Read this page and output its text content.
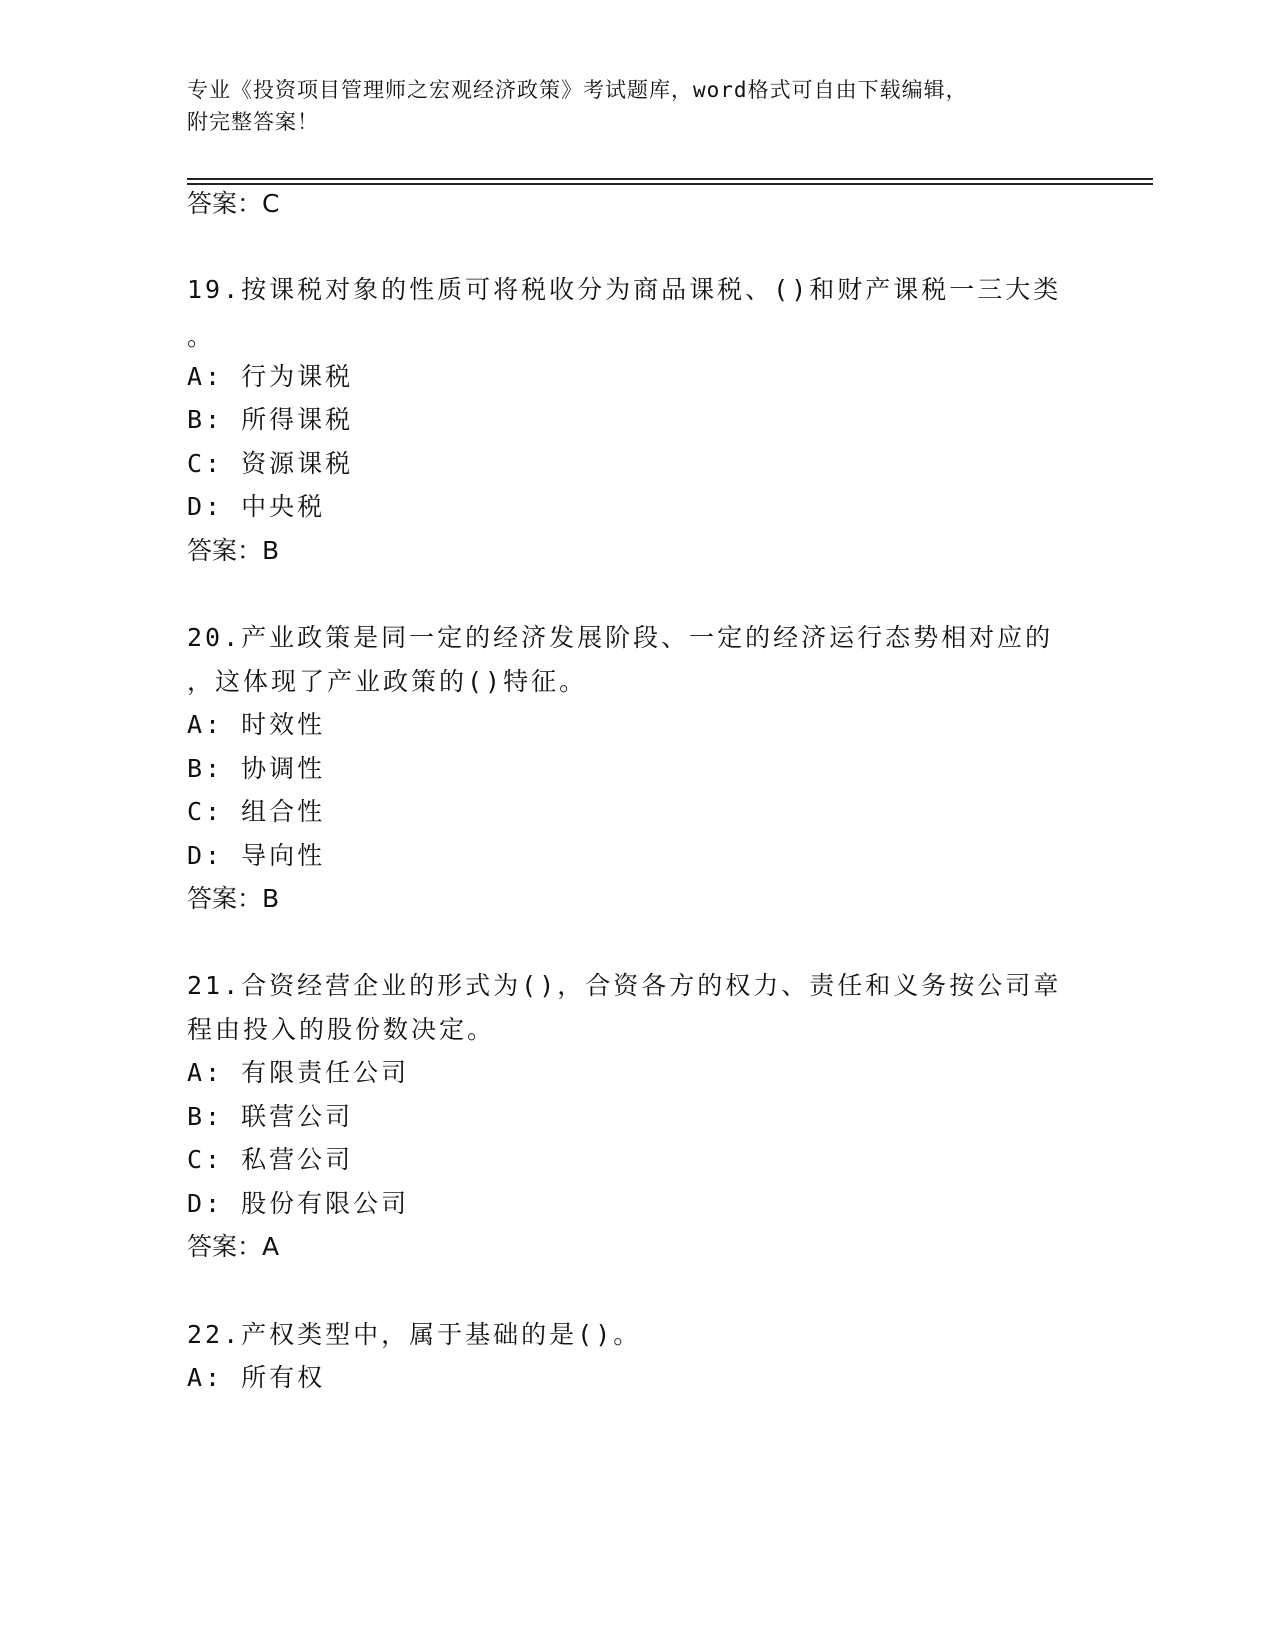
专业《投资项目管理师之宏观经济政策》考试题库，word格式可自由下载编辑，
附完整答案！
答案：C
19.按课税对象的性质可将税收分为商品课税、()和财产课税一三大类
。
A: 行为课税
B: 所得课税
C: 资源课税
D: 中央税
答案：B
20.产业政策是同一定的经济发展阶段、一定的经济运行态势相对应的
，这体现了产业政策的()特征。
A: 时效性
B: 协调性
C: 组合性
D: 导向性
答案：B
21.合资经营企业的形式为()，合资各方的权力、责任和义务按公司章
程由投入的股份数决定。
A: 有限责任公司
B: 联营公司
C: 私营公司
D: 股份有限公司
答案：A
22.产权类型中，属于基础的是()。
A: 所有权
